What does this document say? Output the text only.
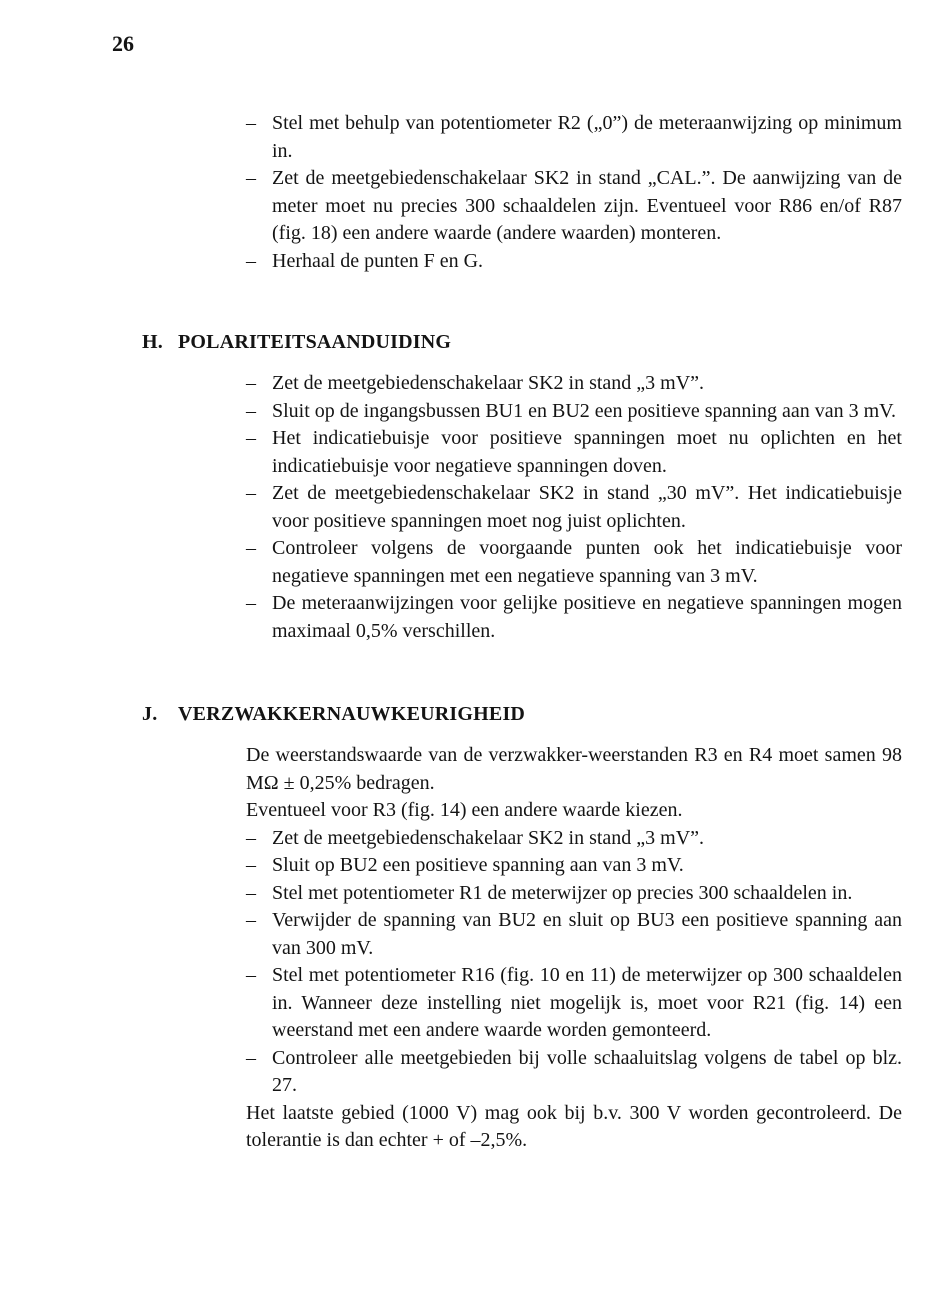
26
– Stel met behulp van potentiometer R2 („0”) de meteraanwijzing op minimum in.
– Zet de meetgebiedenschakelaar SK2 in stand „CAL.”. De aanwijzing van de meter moet nu precies 300 schaaldelen zijn. Eventueel voor R86 en/of R87 (fig. 18) een andere waarde (andere waarden) monteren.
– Herhaal de punten F en G.
H. POLARITEITSAANDUIDING
– Zet de meetgebiedenschakelaar SK2 in stand „3 mV”.
– Sluit op de ingangsbussen BU1 en BU2 een positieve spanning aan van 3 mV.
– Het indicatiebuisje voor positieve spanningen moet nu oplichten en het indicatiebuisje voor negatieve spanningen doven.
– Zet de meetgebiedenschakelaar SK2 in stand „30 mV”. Het indicatiebuisje voor positieve spanningen moet nog juist oplichten.
– Controleer volgens de voorgaande punten ook het indicatiebuisje voor negatieve spanningen met een negatieve spanning van 3 mV.
– De meteraanwijzingen voor gelijke positieve en negatieve spanningen mogen maximaal 0,5% verschillen.
J. VERZWAKKERNAUWKEURIGHEID

De weerstandswaarde van de verzwakker-weerstanden R3 en R4 moet samen 98 MΩ ± 0,25% bedragen.

Eventueel voor R3 (fig. 14) een andere waarde kiezen.

– Zet de meetgebiedenschakelaar SK2 in stand „3 mV”.
– Sluit op BU2 een positieve spanning aan van 3 mV.
– Stel met potentiometer R1 de meterwijzer op precies 300 schaaldelen in.
– Verwijder de spanning van BU2 en sluit op BU3 een positieve spanning aan van 300 mV.
– Stel met potentiometer R16 (fig. 10 en 11) de meterwijzer op 300 schaaldelen in. Wanneer deze instelling niet mogelijk is, moet voor R21 (fig. 14) een weerstand met een andere waarde worden gemonteerd.
– Controleer alle meetgebieden bij volle schaaluitslag volgens de tabel op blz. 27.

Het laatste gebied (1000 V) mag ook bij b.v. 300 V worden gecontroleerd. De tolerantie is dan echter + of –2,5%.
